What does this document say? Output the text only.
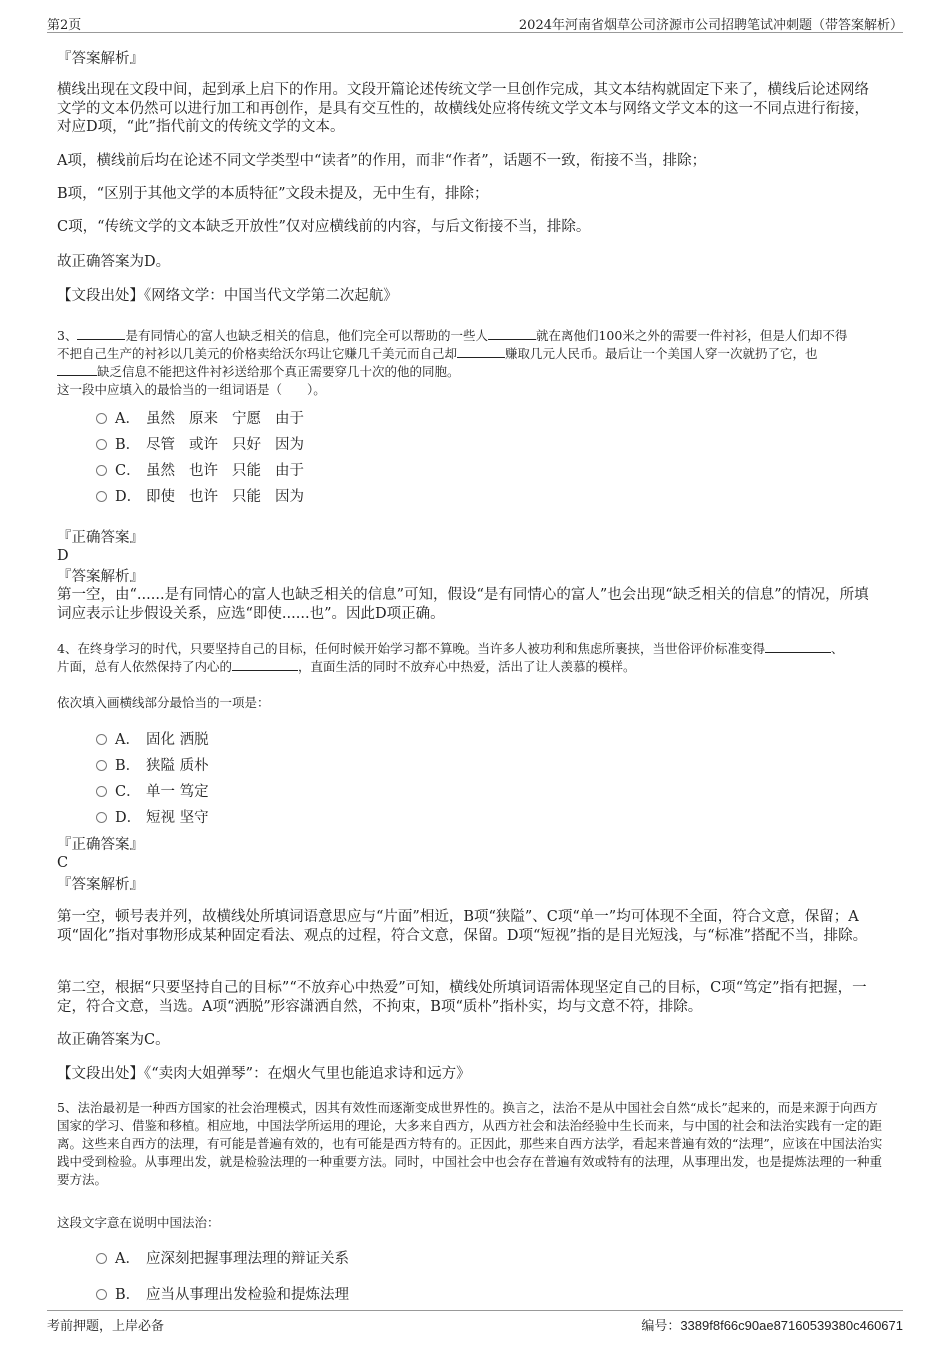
第2页	2024年河南省烟草公司济源市公司招聘笔试冲刺题（带答案解析）
『答案解析』
横线出现在文段中间，起到承上启下的作用。文段开篇论述传统文学一旦创作完成，其文本结构就固定下来了，横线后论述网络文学的文本仍然可以进行加工和再创作，是具有交互性的，故横线处应将传统文学文本与网络文学文本的这一不同点进行衔接，对应D项，“此”指代前文的传统文学的文本。
A项，横线前后均在论述不同文学类型中“读者”的作用，而非“作者”，话题不一致，衔接不当，排除；
B项，“区别于其他文学的本质特征”文段未提及，无中生有，排除；
C项，“传统文学的文本缺乏开放性”仅对应横线前的内容，与后文衔接不当，排除。
故正确答案为D。
【文段出处】《网络文学：中国当代文学第二次起航》
3、	是有同情心的富人也缺乏相关的信息，他们完全可以帮助的一些人	就在离他们100米之外的需要一件衬衫，但是人们却不得
不把自己生产的衬衫以几美元的价格卖给沃尔玛让它赚几千美元而自己却	赚取几元人民币。最后让一个美国人穿一次就扔了它，也
缺乏信息不能把这件衬衫送给那个真正需要穿几十次的他的同胞。
这一段中应填入的最恰当的一组词语是（　　）。
A． 虽然 原来 宁愿 由于
B． 尽管 或许 只好 因为
C． 虽然 也许 只能 由于
D． 即使 也许 只能 因为
『正确答案』
D
『答案解析』
第一空，由“......是有同情心的富人也缺乏相关的信息”可知，假设“是有同情心的富人”也会出现“缺乏相关的信息”的情况，所填词应表示让步假设关系，应选“即使......也”。因此D项正确。
4、在终身学习的时代，只要坚持自己的目标，任何时候开始学习都不算晚。当许多人被功利和焦虑所裹挟，当世俗评价标准变得	、
片面，总有人依然保持了内心的	，直面生活的同时不放弃心中热爱，活出了让人羡慕的模样。
依次填入画横线部分最恰当的一项是：
A． 固化 洒脱
B． 狭隘 质朴
C． 单一 笃定
D． 短视 坚守
『正确答案』
C
『答案解析』
第一空，顿号表并列，故横线处所填词语意思应与“片面”相近，B项“狭隘”、C项“单一”均可体现不全面，符合文意，保留；A项“固化”指对事物形成某种固定看法、观点的过程，符合文意，保留。D项“短视”指的是目光短浅，与“标准”搭配不当，排除。
第二空，根据“只要坚持自己的目标”“不放弃心中热爱”可知，横线处所填词语需体现坚定自己的目标，C项“笃定”指有把握，一定，符合文意，当选。A项“洒脱”形容潇洒自然，不拘束，B项“质朴”指朴实，均与文意不符，排除。
故正确答案为C。
【文段出处】《“卖肉大姐弹琴”：在烟火气里也能追求诗和远方》
5、法治最初是一种西方国家的社会治理模式，因其有效性而逐渐变成世界性的。换言之，法治不是从中国社会自然“成长”起来的，而是来源于向西方国家的学习、借鉴和移植。相应地，中国法学所运用的理论，大多来自西方，从西方社会和法治经验中生长而来，与中国的社会和法治实践有一定的距离。这些来自西方的法理，有可能是普遍有效的，也有可能是西方特有的。正因此，那些来自西方法学，看起来普遍有效的“法理”，应该在中国法治实践中受到检验。从事理出发，就是检验法理的一种重要方法。同时，中国社会中也会存在普遍有效或特有的法理，从事理出发，也是提炼法理的一种重要方法。
这段文字意在说明中国法治：
A． 应深刻把握事理法理的辩证关系
B． 应当从事理出发检验和提炼法理
考前押题，上岸必备	编号：3389f8f66c90ae87160539380c460671
